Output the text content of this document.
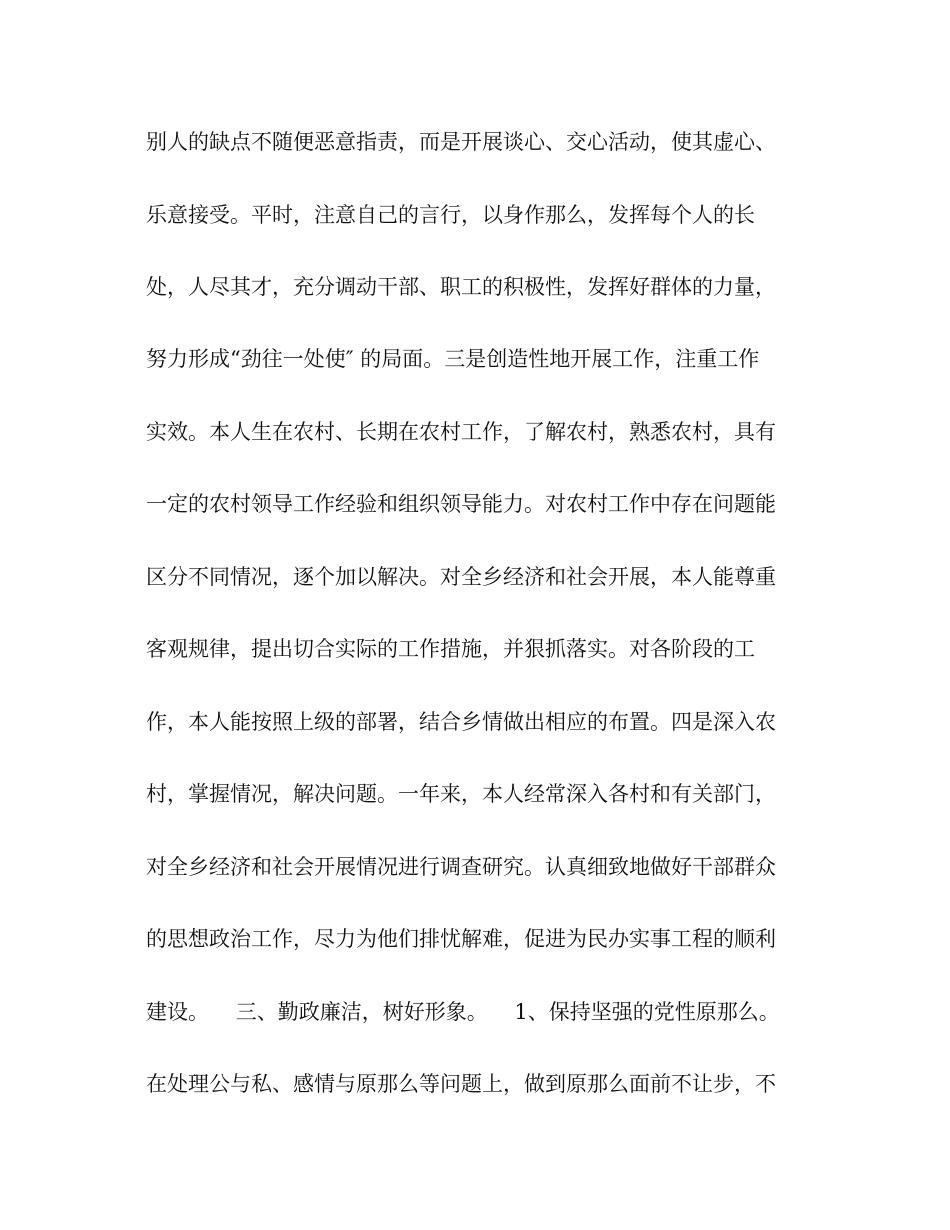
别人的缺点不随便恶意指责，而是开展谈心、交心活动，使其虚心、
乐意接受。平时，注意自己的言行，以身作那么，发挥每个人的长
处，人尽其才，充分调动干部、职工的积极性，发挥好群体的力量，
努力形成“劲往一处使″ 的局面。三是创造性地开展工作，注重工作
实效。本人生在农村、长期在农村工作，了解农村，熟悉农村，具有
一定的农村领导工作经验和组织领导能力。对农村工作中存在问题能
区分不同情况，逐个加以解决。对全乡经济和社会开展，本人能尊重
客观规律，提出切合实际的工作措施，并狠抓落实。对各阶段的工
作，本人能按照上级的部署，结合乡情做出相应的布置。四是深入农
村，掌握情况，解决问题。一年来，本人经常深入各村和有关部门，
对全乡经济和社会开展情况进行调查研究。认真细致地做好干部群众
的思想政治工作，尽力为他们排忧解难，促进为民办实事工程的顺利
建设。    三、勤政廉洁，树好形象。    1、保持坚强的党性原那么。
在处理公与私、感情与原那么等问题上，做到原那么面前不让步，不
